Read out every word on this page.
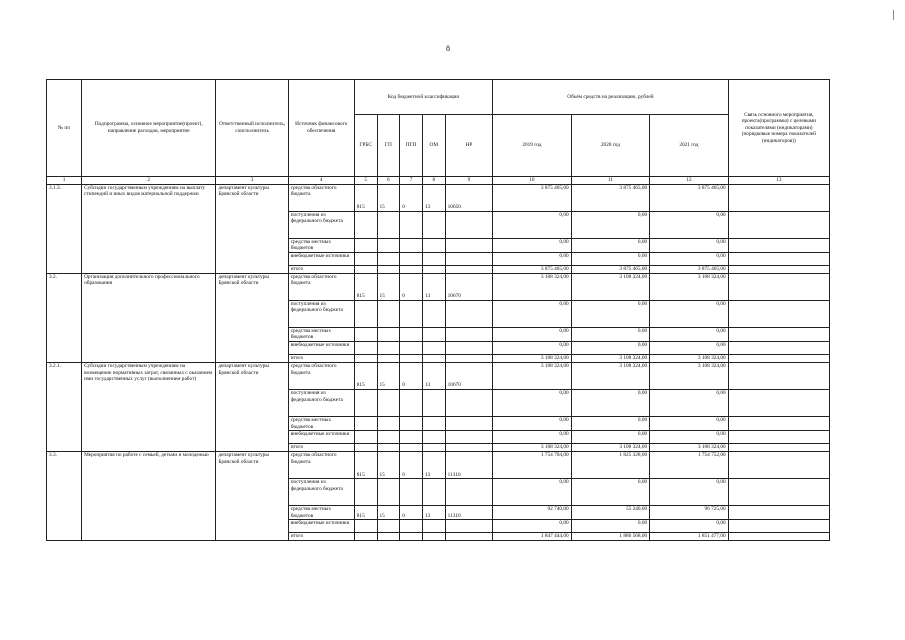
8
№ пп	Подпрограмма, основное мероприятие(проект), направление расходов, мероприятие	Ответственный исполнитель, соисполнитель	Источник финансового обеспечения	Код бюджетной классификации					Объём средств на реализацию, рублей			Связь основного мероприятия, проекта(программы) с целевыми показателями (индикаторами) (порядковые номера показателей (индикаторов))
				ГРБС	ГП	ПГП	ОМ	НР	2019 год	2020 год	2021 год	
1	2	3	4	5	6	7	8	9	10	11	12	13
3.1.3.	Субсидии государственным учреждениям на выплату стипендий и иных видов материальной поддержки	департамент культуры Брянской области	средства областного бюджета	815	15	0	13	10650	3 875 465,00	3 875 465,00	3 875 465,00	
			поступления из федерального бюджета						0,00	0,00	0,00	
			средства местных бюджетов						0,00	0,00	0,00	
			внебюджетные источники						0,00	0,00	0,00	
			итого						3 875 465,00	3 875 465,00	3 875 465,00	
3.2.	Организация дополнительного профессионального образования	департамент культуры Брянской области	средства областного бюджета	815	15	0	13	10670	3 108 324,00	3 108 324,00	3 108 324,00	
			поступления из федерального бюджета						0,00	0,00	0,00	
			средства местных бюджетов						0,00	0,00	0,00	
			внебюджетные источники						0,00	0,00	0,00	
			итого						3 108 324,00	3 108 324,00	3 108 324,00	
3.2.1.	Субсидии государственным учреждениям на возмещение нормативных затрат, связанных с оказанием ими государственных услуг (выполнением работ)	департамент культуры Брянской области	средства областного бюджета	815	15	0	13	10670	3 108 324,00	3 108 324,00	3 108 324,00	
			поступления из федерального бюджета						0,00	0,00	0,00	
			средства местных бюджетов						0,00	0,00	0,00	
			внебюджетные источники						0,00	0,00	0,00	
			итого						3 108 324,00	3 108 324,00	3 108 324,00	
3.3.	Мероприятия по работе с семьей, детьми и молодежью	департамент культуры Брянской области	средства областного бюджета	815	15	0	13	11310	1 754 704,00	1 825 328,00	1 754 752,00	
			поступления из федерального бюджета						0,00	0,00	0,00	
			средства местных бюджетов	815	15	0	13	11310	92 740,00	55 240,00	96 725,00	
			внебюджетные источники						0,00	0,00	0,00	
			итого						1 847 444,00	1 880 568,00	1 851 477,00	
